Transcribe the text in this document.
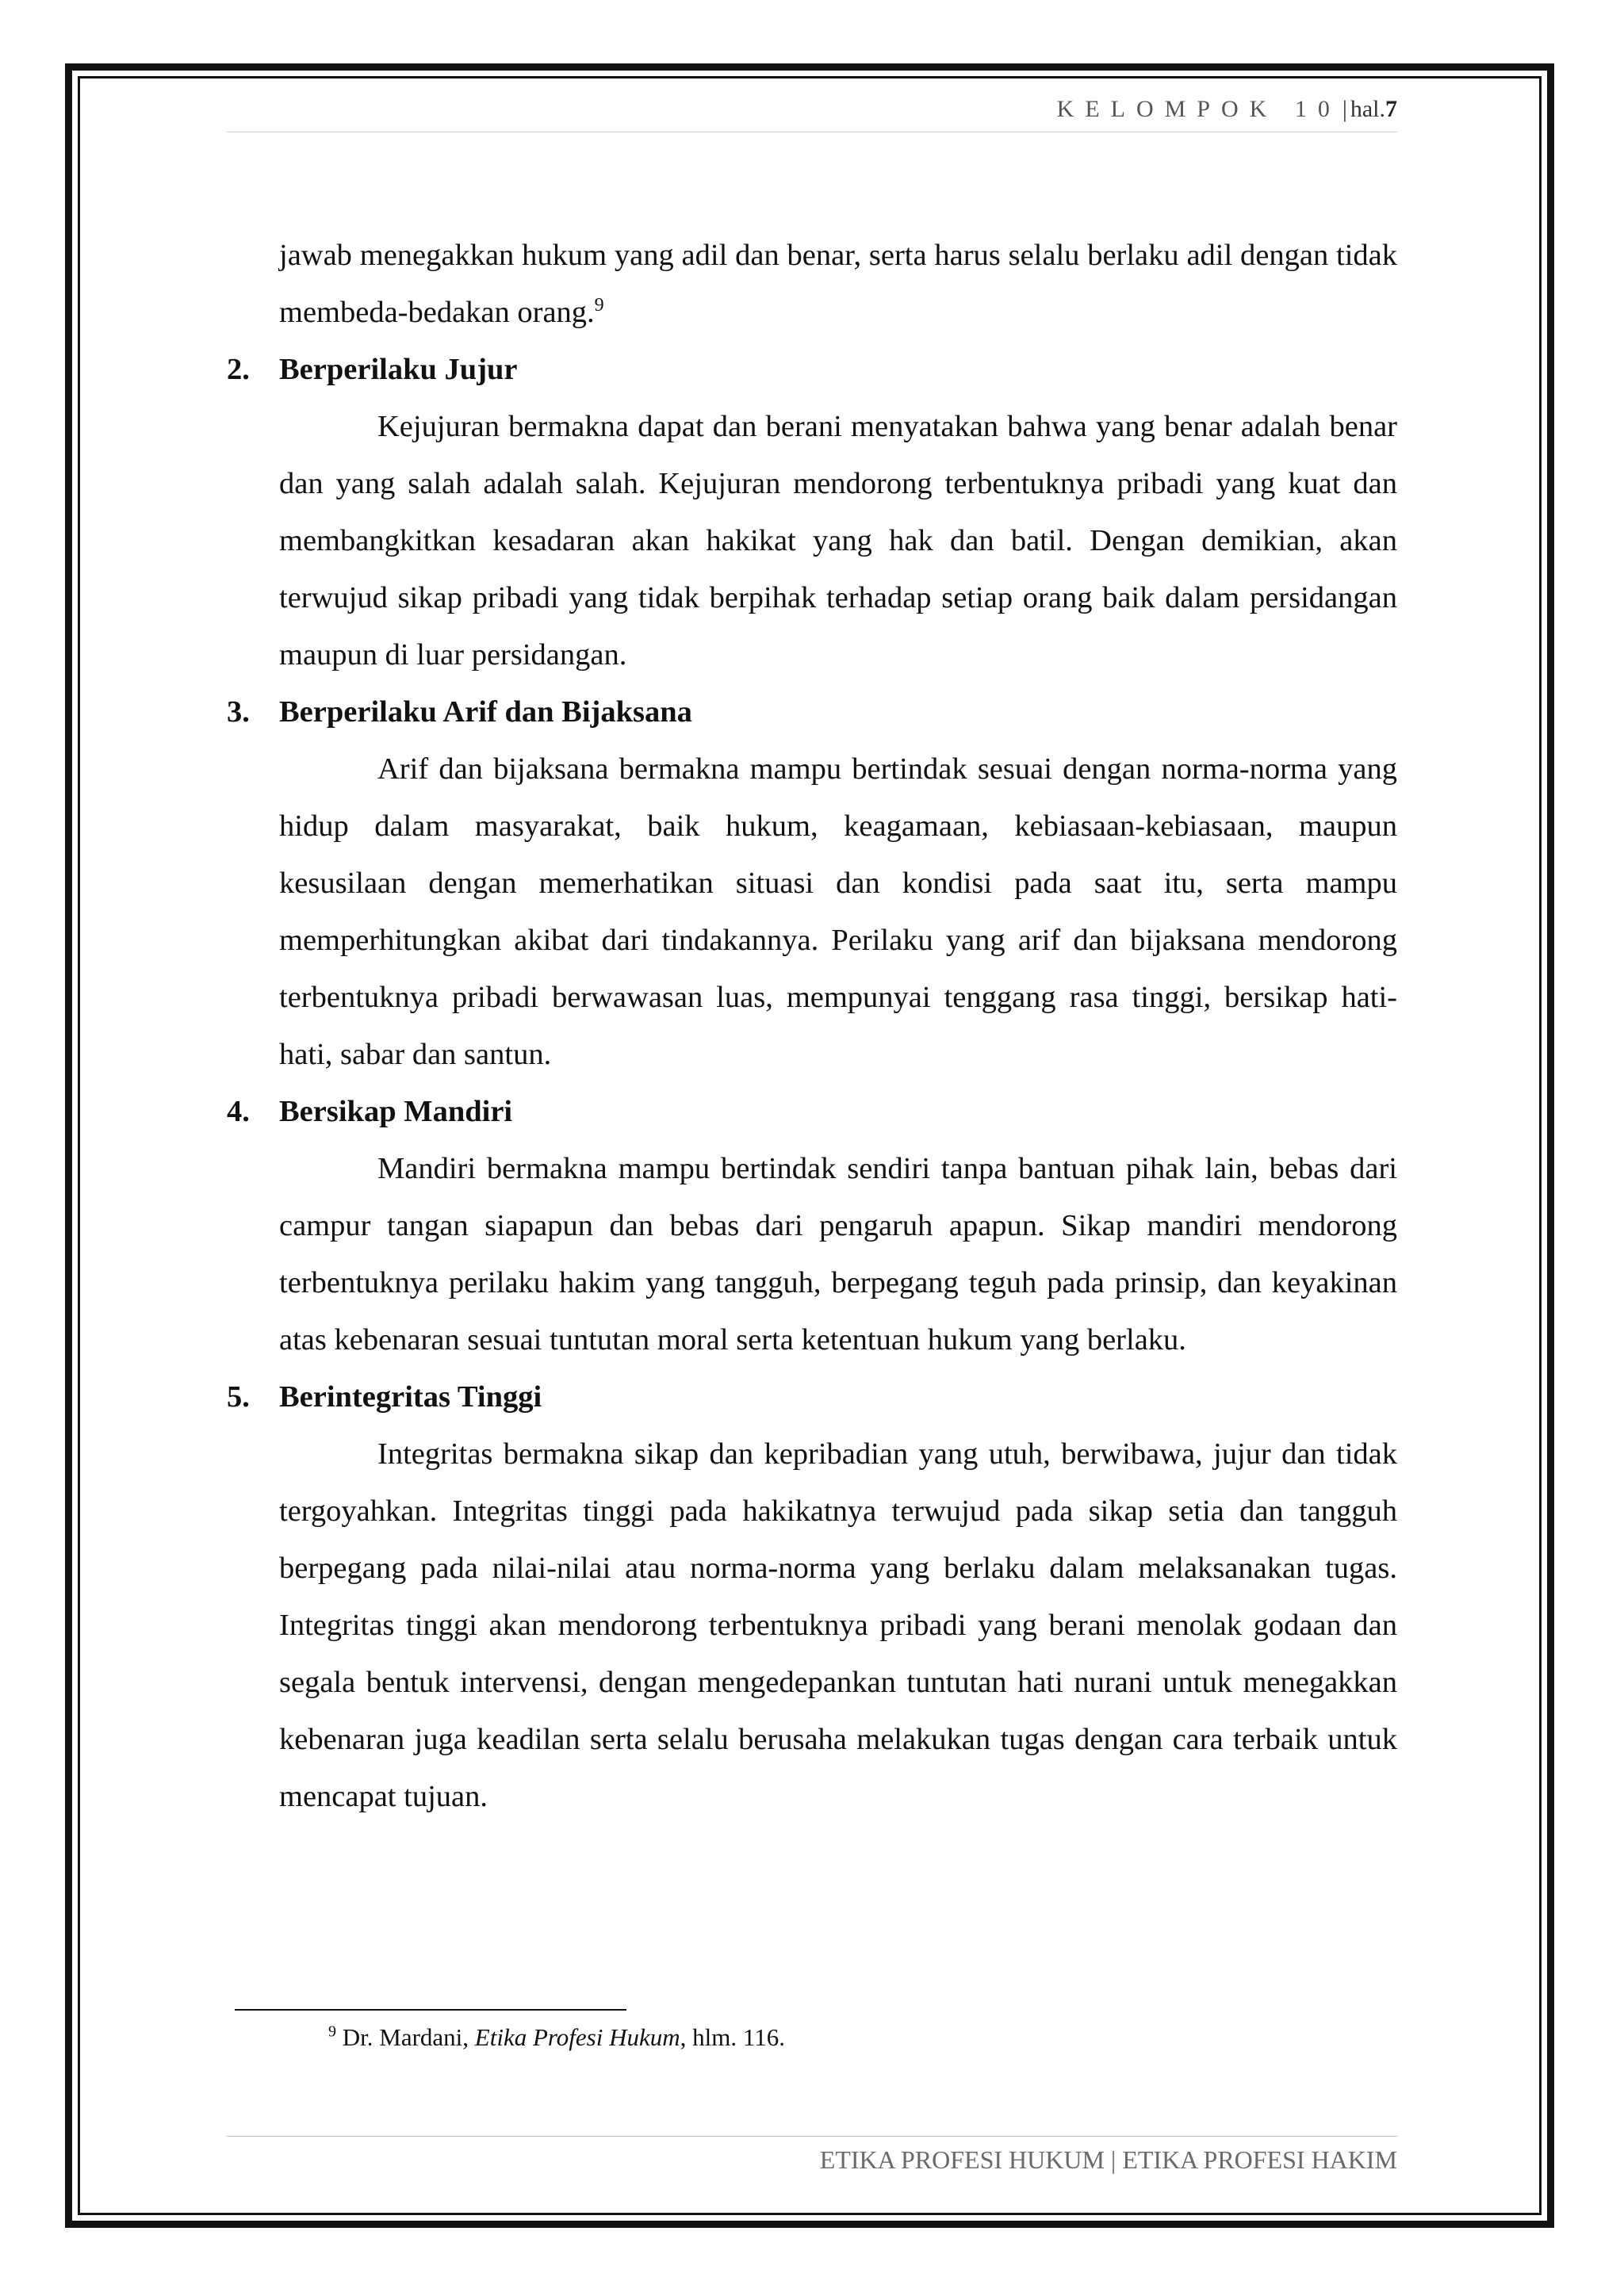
KELOMPOK 10| hal.7

jawab menegakkan hukum yang adil dan benar, serta harus selalu berlaku adil dengan tidak membeda-bedakan orang.$^9$

2. Berperilaku Jujur

Kejujuran bermakna dapat dan berani menyatakan bahwa yang benar adalah benar dan yang salah adalah salah. Kejujuran mendorong terbentuknya pribadi yang kuat dan membangkitkan kesadaran akan hakikat yang hak dan batil. Dengan demikian, akan terwujud sikap pribadi yang tidak berpihak terhadap setiap orang baik dalam persidangan maupun di luar persidangan.

3. Berperilaku Arif dan Bijaksana

Arif dan bijaksana bermakna mampu bertindak sesuai dengan norma-norma yang hidup dalam masyarakat, baik hukum, keagamaan, kebiasaan-kebiasaan, maupun kesusilaan dengan memerhatikan situasi dan kondisi pada saat itu, serta mampu memperhitungkan akibat dari tindakannya. Perilaku yang arif dan bijaksana mendorong terbentuknya pribadi berwawasan luas, mempunyai tenggang rasa tinggi, bersikap hati-hati, sabar dan santun.

4. Bersikap Mandiri

Mandiri bermakna mampu bertindak sendiri tanpa bantuan pihak lain, bebas dari campur tangan siapapun dan bebas dari pengaruh apapun. Sikap mandiri mendorong terbentuknya perilaku hakim yang tangguh, berpegang teguh pada prinsip, dan keyakinan atas kebenaran sesuai tuntutan moral serta ketentuan hukum yang berlaku.

5. Berintegritas Tinggi

Integritas bermakna sikap dan kepribadian yang utuh, berwibawa, jujur dan tidak tergoyahkan. Integritas tinggi pada hakikatnya terwujud pada sikap setia dan tangguh berpegang pada nilai-nilai atau norma-norma yang berlaku dalam melaksanakan tugas. Integritas tinggi akan mendorong terbentuknya pribadi yang berani menolak godaan dan segala bentuk intervensi, dengan mengedepankan tuntutan hati nurani untuk menegakkan kebenaran juga keadilan serta selalu berusaha melakukan tugas dengan cara terbaik untuk mencapat tujuan.

$^9$ Dr. Mardani, Etika Profesi Hukum, hlm. 116.
ETIKA PROFESI HUKUM | ETIKA PROFESI HAKIM
